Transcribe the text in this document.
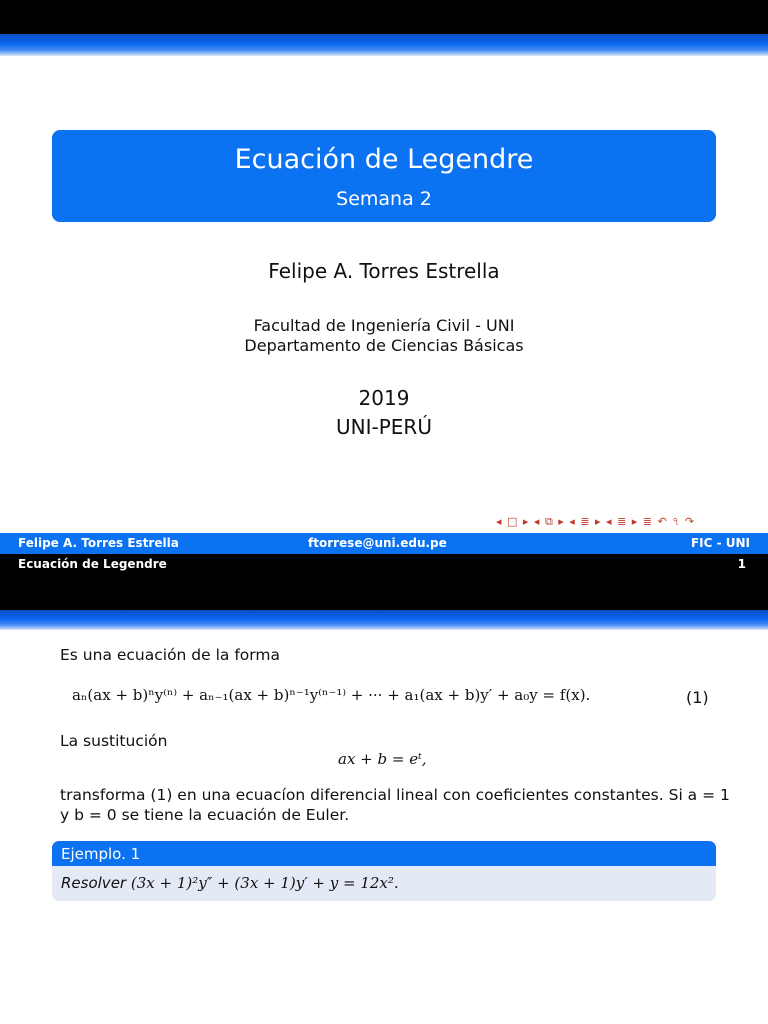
Ecuación de Legendre
Semana 2
Felipe A. Torres Estrella
Facultad de Ingeniería Civil - UNI
Departamento de Ciencias Básicas
2019
UNI-PERÚ
◂ □ ▸ ◂ ⧉ ▸ ◂ ≣ ▸ ◂ ≣ ▸ ≣ ↶ ৭ ↷
Felipe A. Torres Estrella	ftorrese@uni.edu.pe	FIC - UNI
Ecuación de Legendre	1
Es una ecuación de la forma
aₙ(ax + b)ⁿy⁽ⁿ⁾ + aₙ₋₁(ax + b)ⁿ⁻¹y⁽ⁿ⁻¹⁾ + ··· + a₁(ax + b)y′ + a₀y = f(x).	(1)
La sustitución
ax + b = eᵗ,
transforma (1) en una ecuacíon diferencial lineal con coeficientes constantes. Si a = 1
y b = 0 se tiene la ecuación de Euler.
Ejemplo. 1
Resolver (3x + 1)²y″ + (3x + 1)y′ + y = 12x².
